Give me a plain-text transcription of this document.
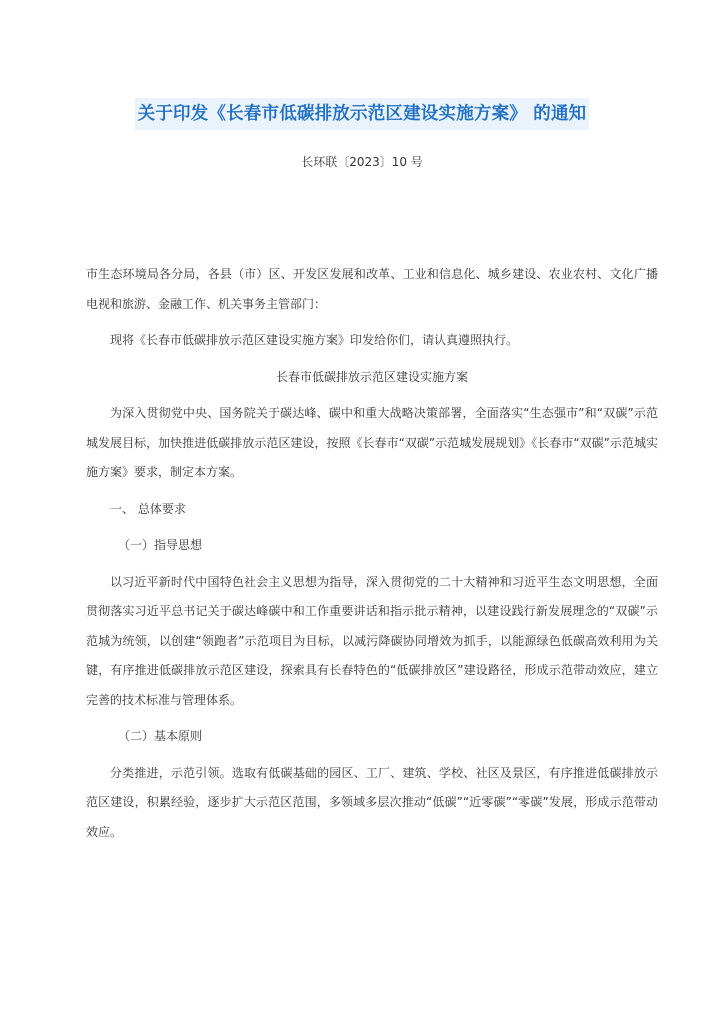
关于印发《长春市低碳排放示范区建设实施方案》 的通知
长环联〔2023〕10 号

市生态环境局各分局，各县（市）区、开发区发展和改革、工业和信息化、城乡建设、农业农村、文化广播电视和旅游、金融工作、机关事务主管部门：

现将《长春市低碳排放示范区建设实施方案》印发给你们，请认真遵照执行。

长春市低碳排放示范区建设实施方案

为深入贯彻党中央、国务院关于碳达峰、碳中和重大战略决策部署，全面落实“生态强市”和“双碳”示范城发展目标，加快推进低碳排放示范区建设，按照《长春市“双碳”示范城发展规划》《长春市“双碳”示范城实施方案》要求，制定本方案。

一、 总体要求

（一）指导思想

以习近平新时代中国特色社会主义思想为指导，深入贯彻党的二十大精神和习近平生态文明思想，全面贯彻落实习近平总书记关于碳达峰碳中和工作重要讲话和指示批示精神，以建设践行新发展理念的“双碳”示范城为统领，以创建“领跑者”示范项目为目标，以减污降碳协同增效为抓手，以能源绿色低碳高效利用为关键，有序推进低碳排放示范区建设，探索具有长春特色的“低碳排放区”建设路径，形成示范带动效应，建立完善的技术标准与管理体系。

（二）基本原则

分类推进，示范引领。选取有低碳基础的园区、工厂、建筑、学校、社区及景区，有序推进低碳排放示范区建设，积累经验，逐步扩大示范区范围，多领域多层次推动“低碳”“近零碳”“零碳”发展，形成示范带动效应。
